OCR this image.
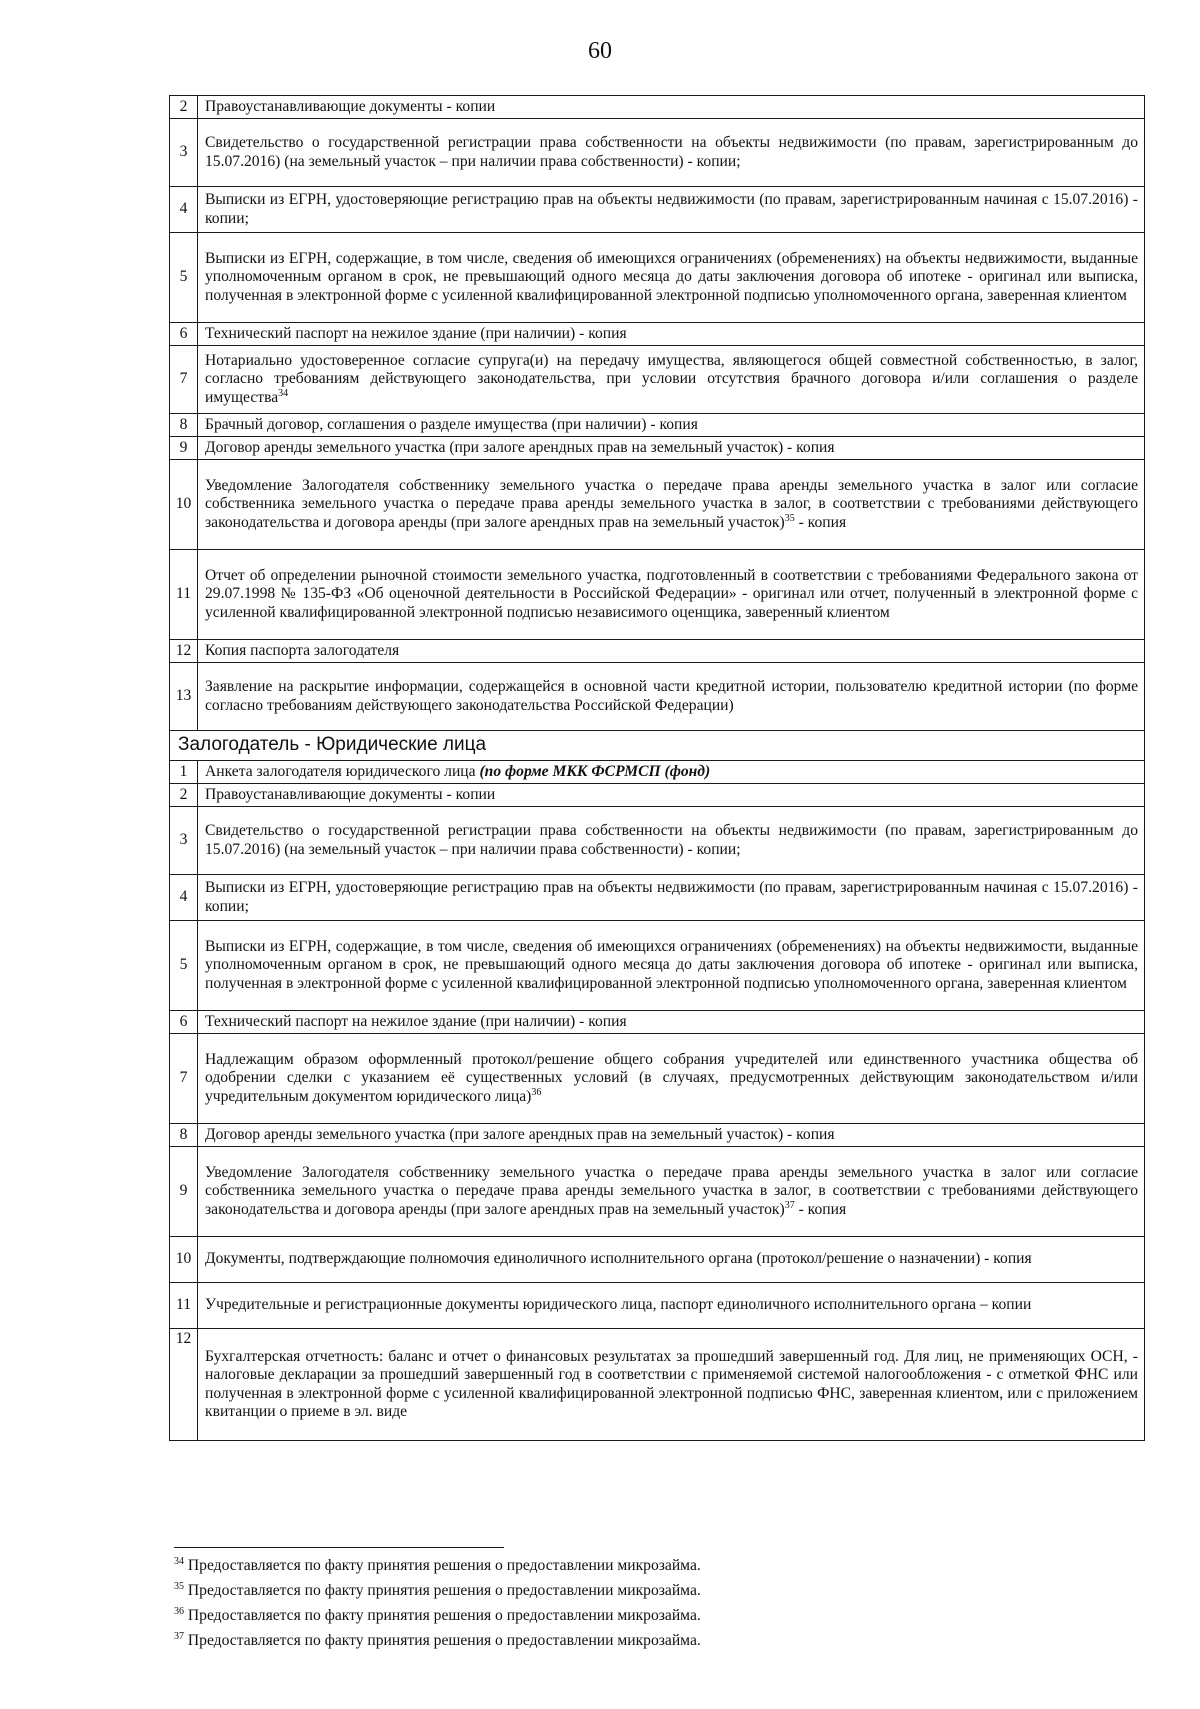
60
2	Правоустанавливающие документы - копии
3	Свидетельство о государственной регистрации права собственности на объекты недвижимости (по правам, зарегистрированным до 15.07.2016) (на земельный участок – при наличии права собственности) - копии;
4	Выписки из ЕГРН, удостоверяющие регистрацию прав на объекты недвижимости (по правам, зарегистрированным начиная с 15.07.2016) - копии;
5	Выписки из ЕГРН, содержащие, в том числе, сведения об имеющихся ограничениях (обременениях) на объекты недвижимости, выданные уполномоченным органом в срок, не превышающий одного месяца до даты заключения договора об ипотеке - оригинал или выписка, полученная в электронной форме с усиленной квалифицированной электронной подписью уполномоченного органа, заверенная клиентом
6	Технический паспорт на нежилое здание (при наличии) - копия
7	Нотариально удостоверенное согласие супруга(и) на передачу имущества, являющегося общей совместной собственностью, в залог, согласно требованиям действующего законодательства, при условии отсутствия брачного договора и/или соглашения о разделе имущества$^{34}$
8	Брачный договор, соглашения о разделе имущества (при наличии) - копия
9	Договор аренды земельного участка (при залоге арендных прав на земельный участок) - копия
10	Уведомление Залогодателя собственнику земельного участка о передаче права аренды земельного участка в залог или согласие собственника земельного участка о передаче права аренды земельного участка в залог, в соответствии с требованиями действующего законодательства и договора аренды (при залоге арендных прав на земельный участок)$^{35}$ - копия
11	Отчет об определении рыночной стоимости земельного участка, подготовленный в соответствии с требованиями Федерального закона от 29.07.1998 № 135-ФЗ «Об оценочной деятельности в Российской Федерации» - оригинал или отчет, полученный в электронной форме с усиленной квалифицированной электронной подписью независимого оценщика, заверенный клиентом
12	Копия паспорта залогодателя
13	Заявление на раскрытие информации, содержащейся в основной части кредитной истории, пользователю кредитной истории (по форме согласно требованиям действующего законодательства Российской Федерации)
Залогодатель - Юридические лица	
1	Анкета залогодателя юридического лица (по форме МКК ФСРМСП (фонд)
2	Правоустанавливающие документы - копии
3	Свидетельство о государственной регистрации права собственности на объекты недвижимости (по правам, зарегистрированным до 15.07.2016) (на земельный участок – при наличии права собственности) - копии;
4	Выписки из ЕГРН, удостоверяющие регистрацию прав на объекты недвижимости (по правам, зарегистрированным начиная с 15.07.2016) - копии;
5	Выписки из ЕГРН, содержащие, в том числе, сведения об имеющихся ограничениях (обременениях) на объекты недвижимости, выданные уполномоченным органом в срок, не превышающий одного месяца до даты заключения договора об ипотеке - оригинал или выписка, полученная в электронной форме с усиленной квалифицированной электронной подписью уполномоченного органа, заверенная клиентом
6	Технический паспорт на нежилое здание (при наличии) - копия
7	Надлежащим образом оформленный протокол/решение общего собрания учредителей или единственного участника общества об одобрении сделки с указанием её существенных условий (в случаях, предусмотренных действующим законодательством и/или учредительным документом юридического лица)$^{36}$
8	Договор аренды земельного участка (при залоге арендных прав на земельный участок) - копия
9	Уведомление Залогодателя собственнику земельного участка о передаче права аренды земельного участка в залог или согласие собственника земельного участка о передаче права аренды земельного участка в залог, в соответствии с требованиями действующего законодательства и договора аренды (при залоге арендных прав на земельный участок)$^{37}$ - копия
10	Документы, подтверждающие полномочия единоличного исполнительного органа (протокол/решение о назначении) - копия
11	Учредительные и регистрационные документы юридического лица, паспорт единоличного исполнительного органа – копии
12	Бухгалтерская отчетность: баланс и отчет о финансовых результатах за прошедший завершенный год. Для лиц, не применяющих ОСН, - налоговые декларации за прошедший завершенный год в соответствии с применяемой системой налогообложения - с отметкой ФНС или полученная в электронной форме с усиленной квалифицированной электронной подписью ФНС, заверенная клиентом, или с приложением квитанции о приеме в эл. виде
$^{34}$ Предоставляется по факту принятия решения о предоставлении микрозайма.
$^{35}$ Предоставляется по факту принятия решения о предоставлении микрозайма.
$^{36}$ Предоставляется по факту принятия решения о предоставлении микрозайма.
$^{37}$ Предоставляется по факту принятия решения о предоставлении микрозайма.
